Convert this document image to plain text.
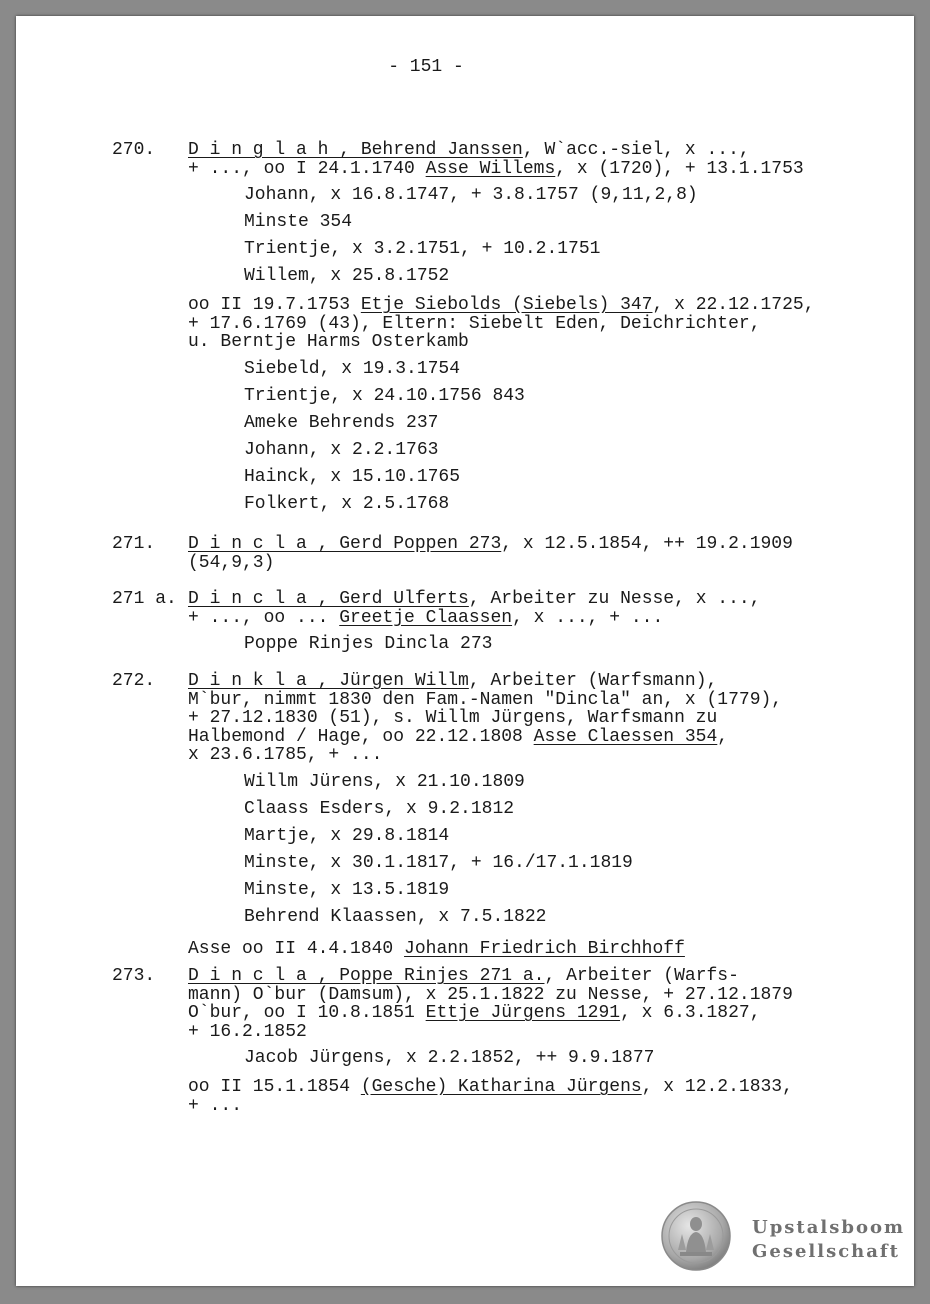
- 151 -
270. D i n g l a h , Behrend Janssen, W`acc.-siel, x ...,
+ ..., oo I 24.1.1740 Asse Willems, x (1720), + 13.1.1753
Johann, x 16.8.1747, + 3.8.1757 (9,11,2,8)
Minste 354
Trientje, x 3.2.1751, + 10.2.1751
Willem, x 25.8.1752
oo II 19.7.1753 Etje Siebolds (Siebels) 347, x 22.12.1725,
+ 17.6.1769 (43), Eltern: Siebelt Eden, Deichrichter,
u. Berntje Harms Osterkamb
Siebeld, x 19.3.1754
Trientje, x 24.10.1756 843
Ameke Behrends 237
Johann, x 2.2.1763
Hainck, x 15.10.1765
Folkert, x 2.5.1768
271. D i n c l a , Gerd Poppen 273, x 12.5.1854, ++ 19.2.1909
(54,9,3)
271 a. D i n c l a , Gerd Ulferts, Arbeiter zu Nesse, x ...,
+ ..., oo ... Greetje Claassen, x ..., + ...
Poppe Rinjes Dincla 273
272. D i n k l a , Jürgen Willm, Arbeiter (Warfsmann),
M`bur, nimmt 1830 den Fam.-Namen "Dincla" an, x (1779),
+ 27.12.1830 (51), s. Willm Jürgens, Warfsmann zu
Halbemond / Hage, oo 22.12.1808 Asse Claessen 354,
x 23.6.1785, + ...
Willm Jürens, x 21.10.1809
Claass Esders, x 9.2.1812
Martje, x 29.8.1814
Minste, x 30.1.1817, + 16./17.1.1819
Minste, x 13.5.1819
Behrend Klaassen, x 7.5.1822
Asse oo II 4.4.1840 Johann Friedrich Birchhoff
273. D i n c l a , Poppe Rinjes 271 a., Arbeiter (Warfs-
mann) O`bur (Damsum), x 25.1.1822 zu Nesse, + 27.12.1879
O`bur, oo I 10.8.1851 Ettje Jürgens 1291, x 6.3.1827,
+ 16.2.1852
Jacob Jürgens, x 2.2.1852, ++ 9.9.1877
oo II 15.1.1854 (Gesche) Katharina Jürgens, x 12.2.1833,
+ ...
Upstalsboom
Gesellschaft
